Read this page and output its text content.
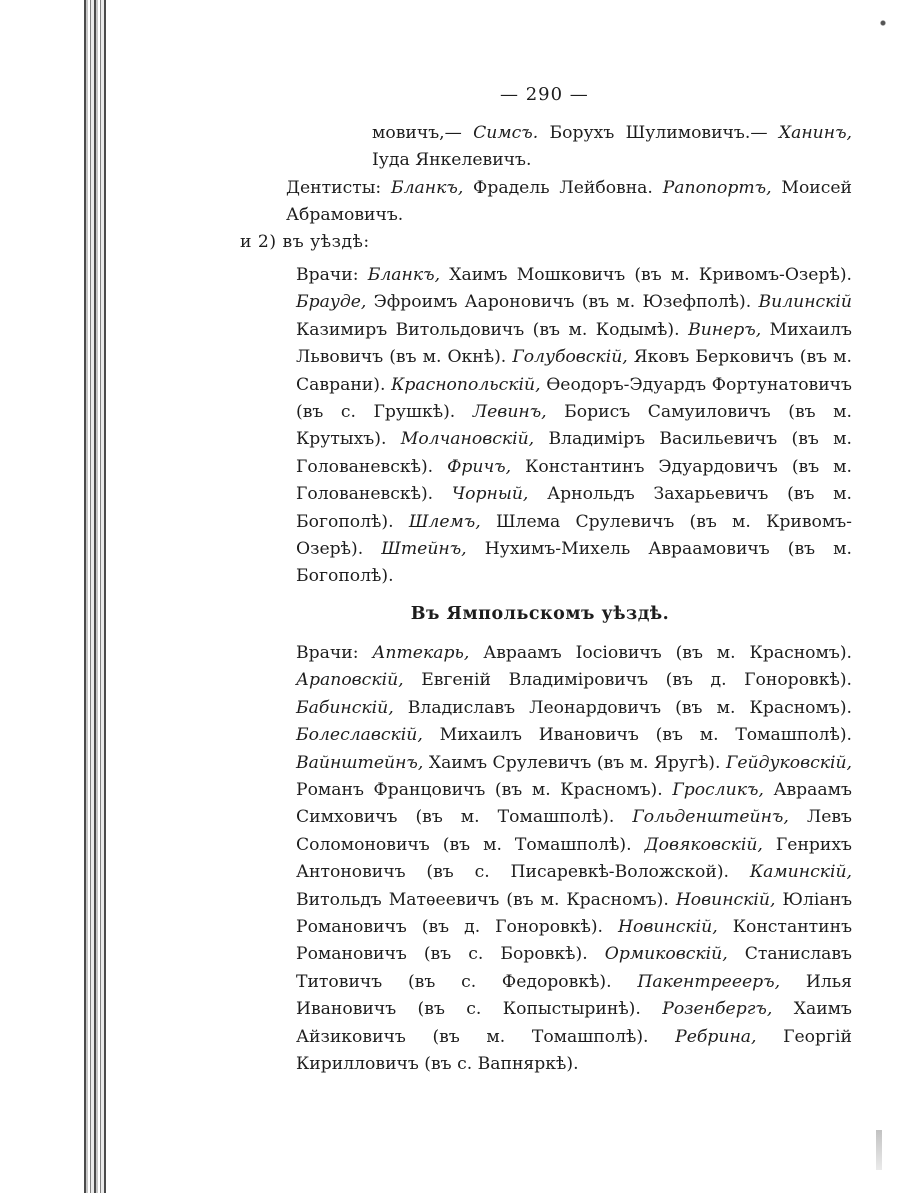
— 290 —

мовичъ,— Симсъ. Борухъ Шулимовичъ.— Ханинъ, Іуда Янкелевичъ.

Дентисты: Бланкъ, Фрадель Лейбовна. Рапопортъ, Моисей Абрамовичъ.

и 2) въ уѣздѣ:

Врачи: Бланкъ, Хаимъ Мошковичъ (въ м. Кривомъ-Озерѣ). Брауде, Эфроимъ Аароновичъ (въ м. Юзефполѣ). Вилинскій Казимиръ Витольдовичъ (въ м. Кодымѣ). Винеръ, Михаилъ Львовичъ (въ м. Окнѣ). Голубовскій, Яковъ Берковичъ (въ м. Саврани). Краснопольскій, Ѳеодоръ-Эдуардъ Фортунатовичъ (въ с. Грушкѣ). Левинъ, Борисъ Самуиловичъ (въ м. Крутыхъ). Молчановскій, Владиміръ Васильевичъ (въ м. Голованевскѣ). Фричъ, Константинъ Эдуардовичъ (въ м. Голованевскѣ). Чорный, Арнольдъ Захарьевичъ (въ м. Богополѣ). Шлемъ, Шлема Срулевичъ (въ м. Кривомъ-Озерѣ). Штейнъ, Нухимъ-Михель Авраамовичъ (въ м. Богополѣ).

Въ Ямпольскомъ уѣздѣ.

Врачи: Аптекарь, Авраамъ Іосіовичъ (въ м. Красномъ). Араповскій, Евгеній Владиміровичъ (въ д. Гоноровкѣ). Бабинскій, Владиславъ Леонардовичъ (въ м. Красномъ). Болеславскій, Михаилъ Ивановичъ (въ м. Томашполѣ). Вайнштейнъ, Хаимъ Срулевичъ (въ м. Яругѣ). Гейдуковскій, Романъ Францовичъ (въ м. Красномъ). Гросликъ, Авраамъ Симховичъ (въ м. Томашполѣ). Гольденштейнъ, Левъ Соломоновичъ (въ м. Томашполѣ). Довяковскій, Генрихъ Антоновичъ (въ с. Писаревкѣ-Воложской). Каминскій, Витольдъ Матѳеевичъ (въ м. Красномъ). Новинскій, Юліанъ Романовичъ (въ д. Гоноровкѣ). Новинскій, Константинъ Романовичъ (въ с. Боровкѣ). Ормиковскій, Станиславъ Титовичъ (въ с. Федоровкѣ). Пакентреееръ, Илья Ивановичъ (въ с. Копыстыринѣ). Розенбергъ, Хаимъ Айзиковичъ (въ м. Томашполѣ). Ребрина, Георгій Кирилловичъ (въ с. Вапняркѣ).
